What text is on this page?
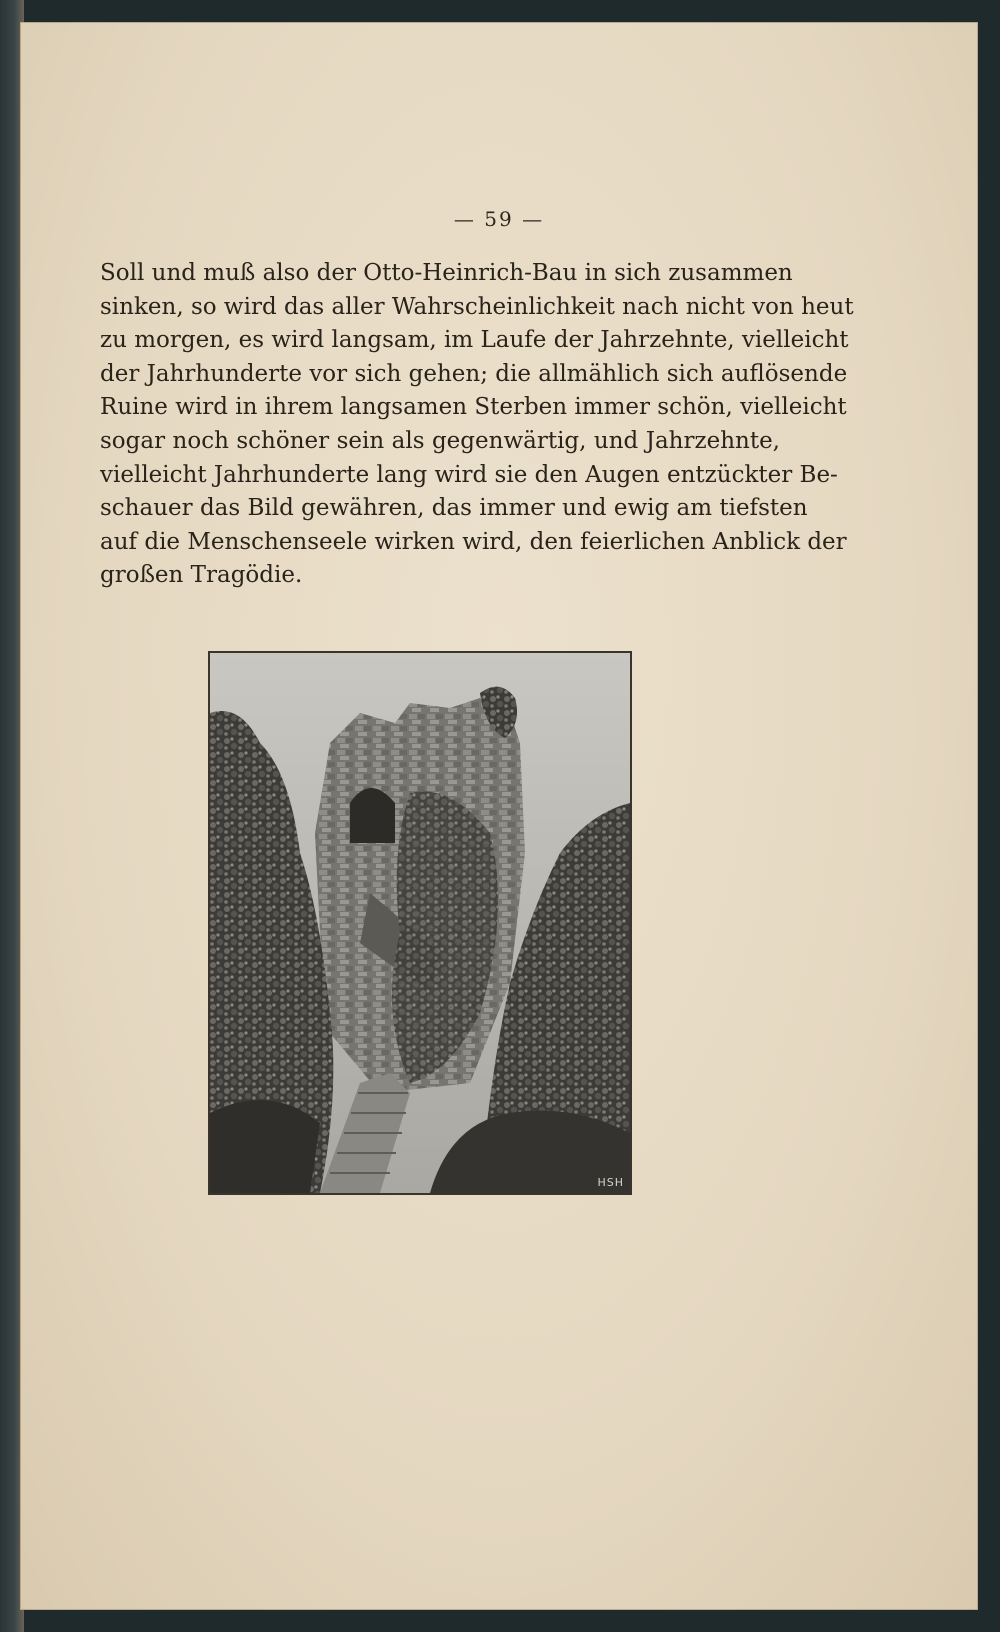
— 59 —
Soll und muß also der Otto-Heinrich-Bau in sich zusammen
sinken, so wird das aller Wahrscheinlichkeit nach nicht von heut
zu morgen, es wird langsam, im Laufe der Jahrzehnte, vielleicht
der Jahrhunderte vor sich gehen; die allmählich sich auflösende
Ruine wird in ihrem langsamen Sterben immer schön, vielleicht
sogar noch schöner sein als gegenwärtig, und Jahrzehnte,
vielleicht Jahrhunderte lang wird sie den Augen entzückter Be-
schauer das Bild gewähren, das immer und ewig am tiefsten
auf die Menschenseele wirken wird, den feierlichen Anblick der
großen Tragödie.
HSH
